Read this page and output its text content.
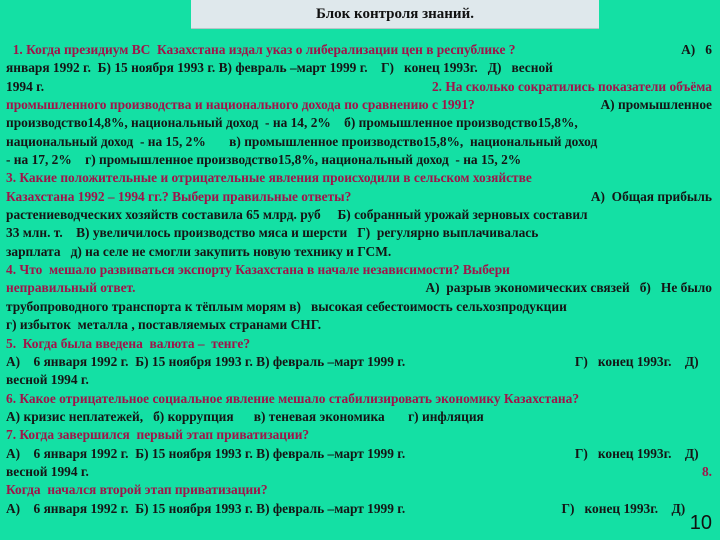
Блок контроля знаний.
1. Когда президиум ВС  Казахстана издал указ о либерализации цен в республике ?	А)   6
января 1992 г.  Б) 15 ноября 1993 г. В) февраль –март 1999 г.    Г)   конец 1993г.   Д)   весной
1994 г.	2. На сколько сократились показатели объёма
промышленного производства и национального дохода по сравнению с 1991?	А) промышленное
производство14,8%, национальный доход  - на 14, 2%    б) промышленное производство15,8%,
национальный доход  - на 15, 2%       в) промышленное производство15,8%,  национальный доход
- на 17, 2%    г) промышленное производство15,8%, национальный доход  - на 15, 2%
3. Какие положительные и отрицательные явления происходили в сельском хозяйстве
Казахстана 1992 – 1994 гг.? Выбери правильные ответы?	А)  Общая прибыль
растениеводческих хозяйств составила 65 млрд. руб     Б) собранный урожай зерновых составил
33 млн. т.    В) увеличилось производство мяса и шерсти   Г)  регулярно выплачивалась
зарплата   д) на селе не смогли закупить новую технику и ГСМ.
4. Что  мешало развиваться экспорту Казахстана в начале независимости? Выбери
неправильный ответ.	А)  разрыв экономических связей   б)   Не было
трубопроводного транспорта к тёплым морям в)   высокая себестоимость сельхозпродукции
г) избыток  металла , поставляемых странами СНГ.
5.  Когда была введена  валюта –  тенге?
А)    6 января 1992 г.  Б) 15 ноября 1993 г. В) февраль –март 1999 г.	Г)   конец 1993г.    Д)
весной 1994 г.
6. Какое отрицательное социальное явление мешало стабилизировать экономику Казахстана?
А) кризис неплатежей,   б) коррупция      в) теневая экономика       г) инфляция
7. Когда завершился  первый этап приватизации?
А)    6 января 1992 г.  Б) 15 ноября 1993 г. В) февраль –март 1999 г.	Г)   конец 1993г.    Д)
весной 1994 г.	8.
Когда  начался второй этап приватизации?
А)    6 января 1992 г.  Б) 15 ноября 1993 г. В) февраль –март 1999 г.	Г)   конец 1993г.    Д)
10
